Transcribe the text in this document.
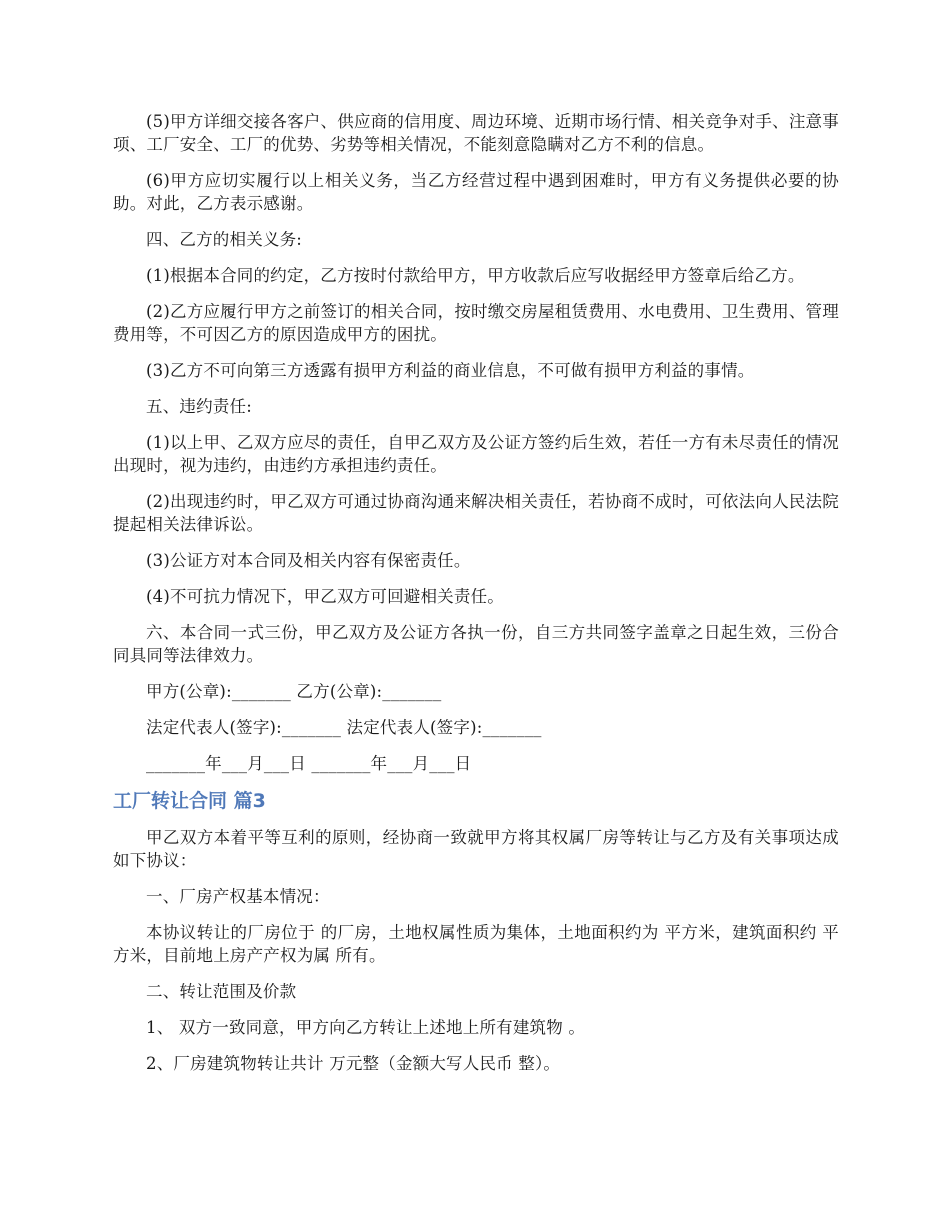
(5)甲方详细交接各客户、供应商的信用度、周边环境、近期市场行情、相关竞争对手、注意事项、工厂安全、工厂的优势、劣势等相关情况，不能刻意隐瞒对乙方不利的信息。

(6)甲方应切实履行以上相关义务，当乙方经营过程中遇到困难时，甲方有义务提供必要的协助。对此，乙方表示感谢。

四、乙方的相关义务:

(1)根据本合同的约定，乙方按时付款给甲方，甲方收款后应写收据经甲方签章后给乙方。

(2)乙方应履行甲方之前签订的相关合同，按时缴交房屋租赁费用、水电费用、卫生费用、管理费用等，不可因乙方的原因造成甲方的困扰。

(3)乙方不可向第三方透露有损甲方利益的商业信息，不可做有损甲方利益的事情。

五、违约责任:

(1)以上甲、乙双方应尽的责任，自甲乙双方及公证方签约后生效，若任一方有未尽责任的情况出现时，视为违约，由违约方承担违约责任。

(2)出现违约时，甲乙双方可通过协商沟通来解决相关责任，若协商不成时，可依法向人民法院提起相关法律诉讼。

(3)公证方对本合同及相关内容有保密责任。

(4)不可抗力情况下，甲乙双方可回避相关责任。

六、本合同一式三份，甲乙双方及公证方各执一份，自三方共同签字盖章之日起生效，三份合同具同等法律效力。

甲方(公章):_______ 乙方(公章):_______

法定代表人(签字):_______ 法定代表人(签字):_______

_______年___月___日 _______年___月___日

工厂转让合同 篇3

甲乙双方本着平等互利的原则，经协商一致就甲方将其权属厂房等转让与乙方及有关事项达成如下协议：

一、厂房产权基本情况：

本协议转让的厂房位于 的厂房，土地权属性质为集体，土地面积约为 平方米，建筑面积约 平方米，目前地上房产产权为属 所有。

二、转让范围及价款

1、 双方一致同意，甲方向乙方转让上述地上所有建筑物 。

2、厂房建筑物转让共计 万元整（金额大写人民币 整）。
